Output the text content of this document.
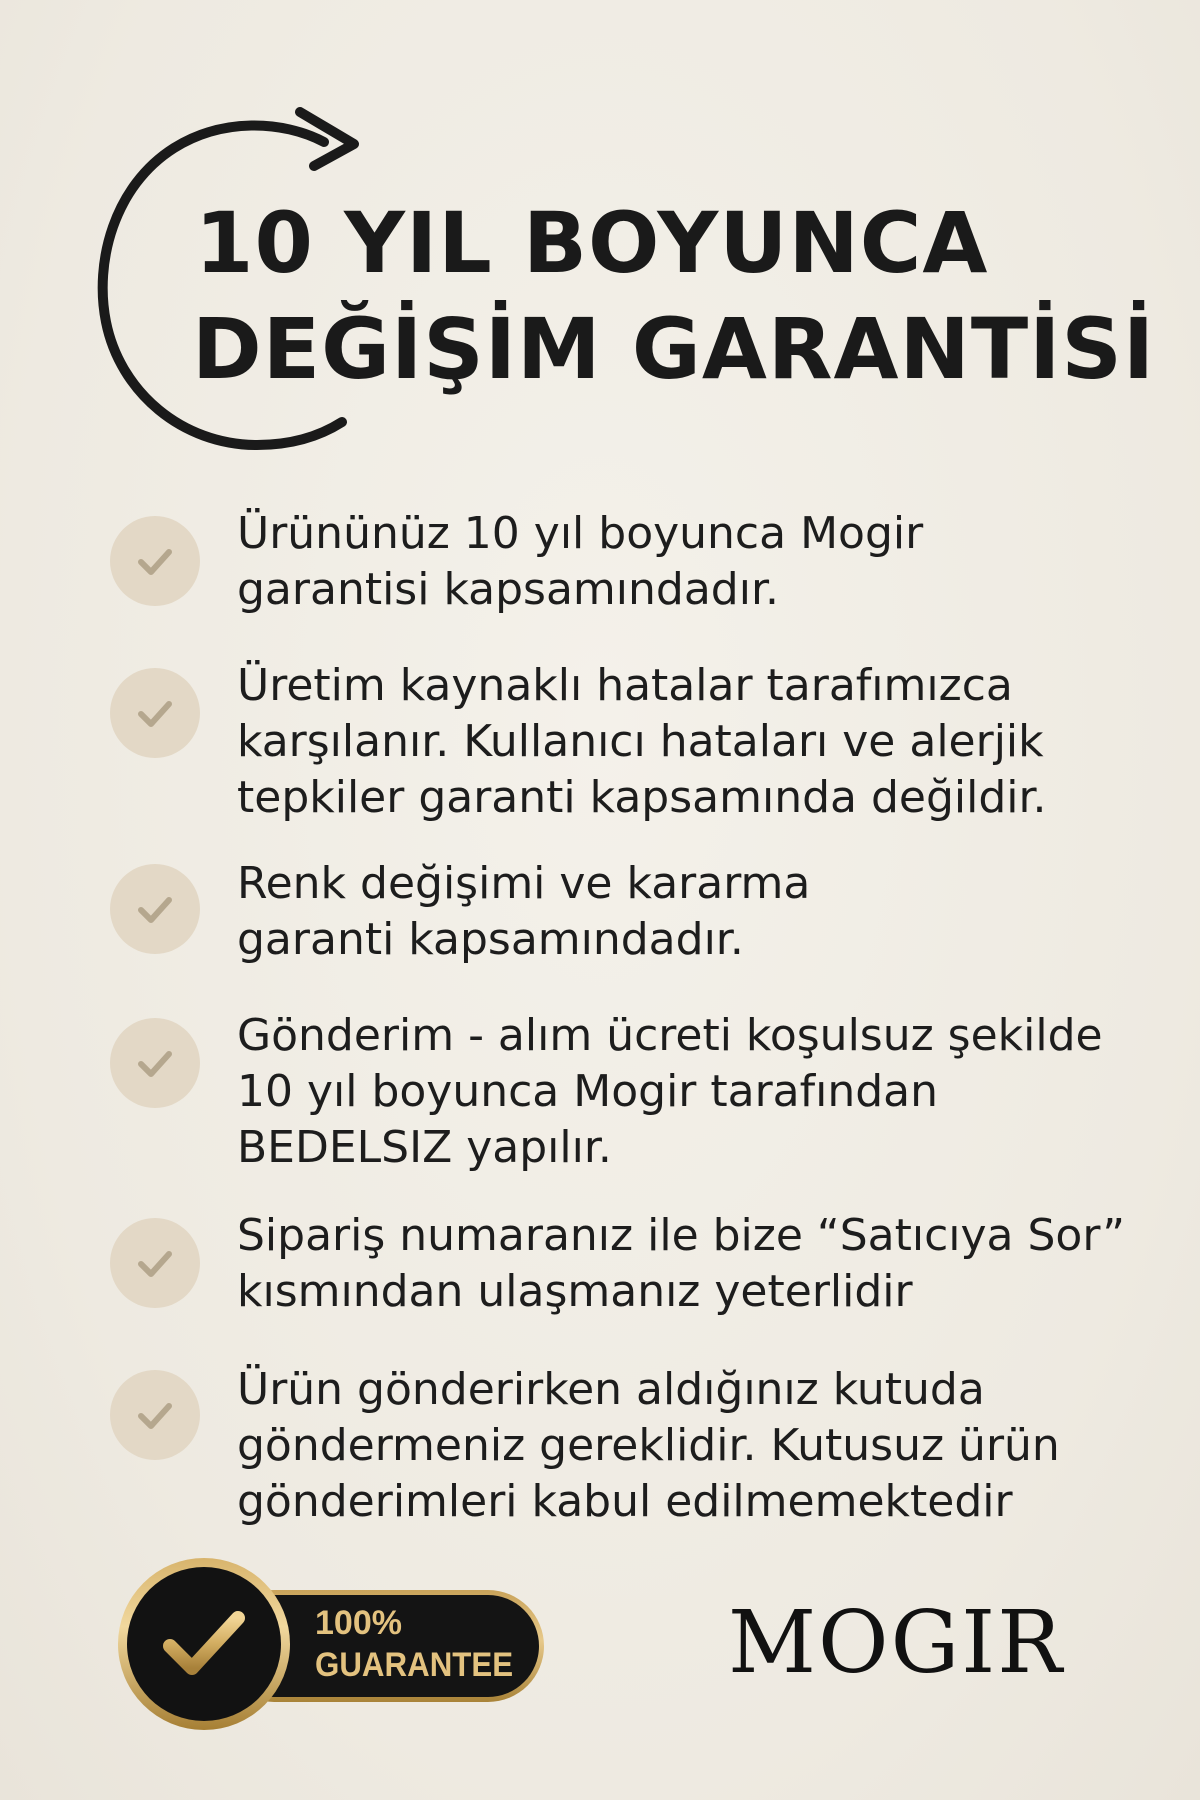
10 YIL BOYUNCA
DEĞİŞİM GARANTİSİ
Ürününüz 10 yıl boyunca Mogir
garantisi kapsamındadır.
Üretim kaynaklı hatalar tarafımızca
karşılanır. Kullanıcı hataları ve alerjik
tepkiler garanti kapsamında değildir.
Renk değişimi ve kararma
garanti kapsamındadır.
Gönderim - alım ücreti koşulsuz şekilde
10 yıl boyunca Mogir tarafından
BEDELSIZ yapılır.
Sipariş numaranız ile bize “Satıcıya Sor”
kısmından ulaşmanız yeterlidir
Ürün gönderirken aldığınız kutuda
göndermeniz gereklidir. Kutusuz ürün
gönderimleri kabul edilmemektedir
100%
GUARANTEE MOGIR
